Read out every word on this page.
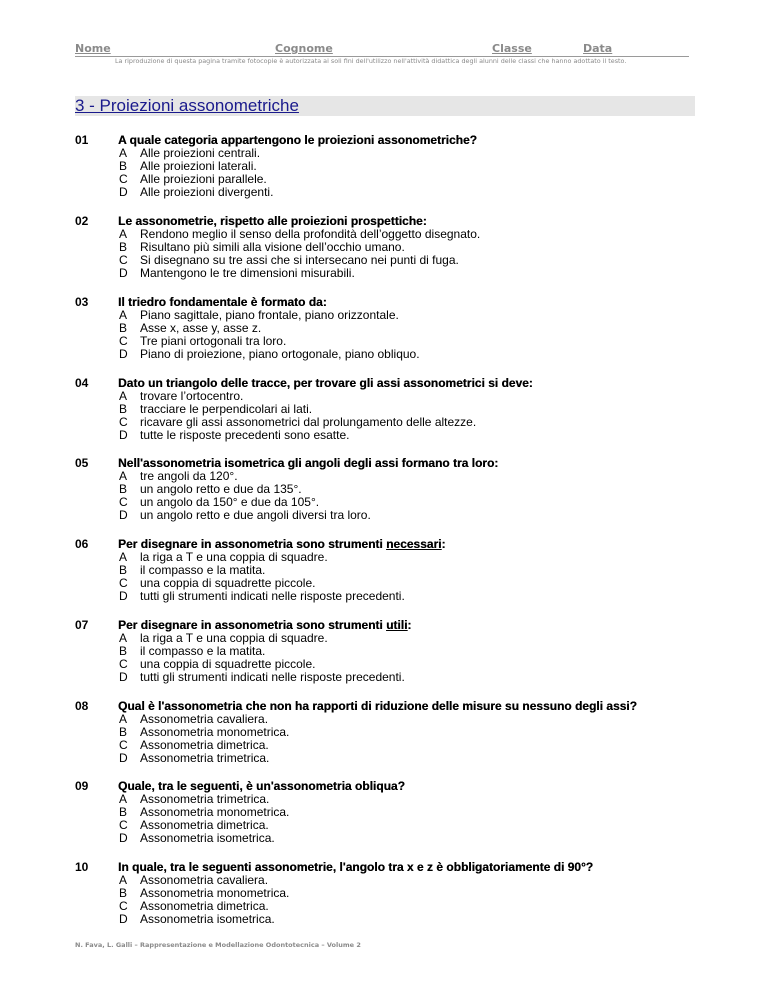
Nome	Cognome	Classe	Data
La riproduzione di questa pagina tramite fotocopie è autorizzata ai soli fini dell'utilizzo nell'attività didattica degli alunni delle classi che hanno adottato il testo.
3 - Proiezioni assonometriche
01 A quale categoria appartengono le proiezioni assonometriche?
A	Alle proiezioni centrali.
B	Alle proiezioni laterali.
C	Alle proiezioni parallele.
D	Alle proiezioni divergenti.
02 Le assonometrie, rispetto alle proiezioni prospettiche:
A	Rendono meglio il senso della profondità dell’oggetto disegnato.
B	Risultano più simili alla visione dell’occhio umano.
C	Si disegnano su tre assi che si intersecano nei punti di fuga.
D	Mantengono le tre dimensioni misurabili.
03 Il triedro fondamentale è formato da:
A	Piano sagittale, piano frontale, piano orizzontale.
B	Asse x, asse y, asse z.
C	Tre piani ortogonali tra loro.
D	Piano di proiezione, piano ortogonale, piano obliquo.
04 Dato un triangolo delle tracce, per trovare gli assi assonometrici si deve:
A	trovare l’ortocentro.
B	tracciare le perpendicolari ai lati.
C	ricavare gli assi assonometrici dal prolungamento delle altezze.
D	tutte le risposte precedenti sono esatte.
05 Nell'assonometria isometrica gli angoli degli assi formano tra loro:
A	tre angoli da 120°.
B	un angolo retto e due da 135°.
C	un angolo da 150° e due da 105°.
D	un angolo retto e due angoli diversi tra loro.
06 Per disegnare in assonometria sono strumenti necessari:
A	la riga a T e una coppia di squadre.
B	il compasso e la matita.
C	una coppia di squadrette piccole.
D	tutti gli strumenti indicati nelle risposte precedenti.
07 Per disegnare in assonometria sono strumenti utili:
A	la riga a T e una coppia di squadre.
B	il compasso e la matita.
C	una coppia di squadrette piccole.
D	tutti gli strumenti indicati nelle risposte precedenti.
08 Qual è l'assonometria che non ha rapporti di riduzione delle misure su nessuno degli assi?
A	Assonometria cavaliera.
B	Assonometria monometrica.
C	Assonometria dimetrica.
D	Assonometria trimetrica.
09 Quale, tra le seguenti, è un'assonometria obliqua?
A	Assonometria trimetrica.
B	Assonometria monometrica.
C	Assonometria dimetrica.
D	Assonometria isometrica.
10 In quale, tra le seguenti assonometrie, l'angolo tra x e z è obbligatoriamente di 90°?
A	Assonometria cavaliera.
B	Assonometria monometrica.
C	Assonometria dimetrica.
D	Assonometria isometrica.
N. Fava, L. Galli – Rappresentazione e Modellazione Odontotecnica – Volume 2
